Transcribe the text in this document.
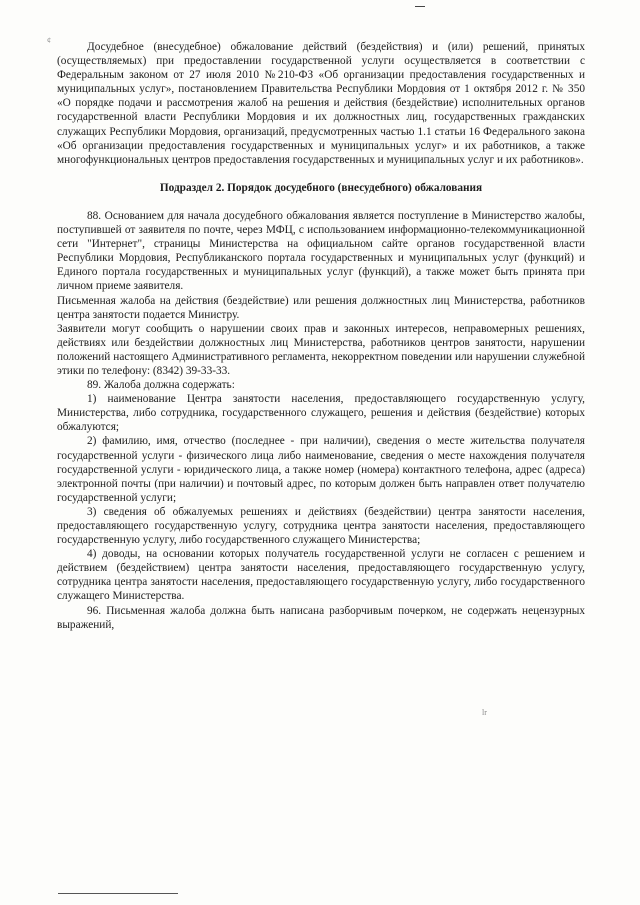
¢
lr

Досудебное (внесудебное) обжалование действий (бездействия) и (или) решений, принятых (осуществляемых) при предоставлении государственной услуги осуществляется в соответствии с Федеральным законом от 27 июля 2010 №210-ФЗ «Об организации предоставления государственных и муниципальных услуг», постановлением Правительства Республики Мордовия от 1 октября 2012 г. № 350 «О порядке подачи и рассмотрения жалоб на решения и действия (бездействие) исполнительных органов государственной власти Республики Мордовия и их должностных лиц, государственных гражданских служащих Республики Мордовия, организаций, предусмотренных частью 1.1 статьи 16 Федерального закона «Об организации предоставления государственных и муниципальных услуг» и их работников, а также многофункциональных центров предоставления государственных и муниципальных услуг и их работников».

Подраздел 2. Порядок досудебного (внесудебного) обжалования

88. Основанием для начала досудебного обжалования является поступление в Министерство жалобы, поступившей от заявителя по почте, через МФЦ, с использованием информационно-телекоммуникационной сети "Интернет", страницы Министерства на официальном сайте органов государственной власти Республики Мордовия, Республиканского портала государственных и муниципальных услуг (функций) и Единого портала государственных и муниципальных услуг (функций), а также может быть принята при личном приеме заявителя.

Письменная жалоба на действия (бездействие) или решения должностных лиц Министерства, работников центра занятости подается Министру.

Заявители могут сообщить о нарушении своих прав и законных интересов, неправомерных решениях, действиях или бездействии должностных лиц Министерства, работников центров занятости, нарушении положений настоящего Административного регламента, некорректном поведении или нарушении служебной этики по телефону: (8342) 39-33-33.

89. Жалоба должна содержать:

1) наименование Центра занятости населения, предоставляющего государственную услугу, Министерства, либо сотрудника, государственного служащего, решения и действия (бездействие) которых обжалуются;

2) фамилию, имя, отчество (последнее - при наличии), сведения о месте жительства получателя государственной услуги - физического лица либо наименование, сведения о месте нахождения получателя государственной услуги - юридического лица, а также номер (номера) контактного телефона, адрес (адреса) электронной почты (при наличии) и почтовый адрес, по которым должен быть направлен ответ получателю государственной услуги;

3) сведения об обжалуемых решениях и действиях (бездействии) центра занятости населения, предоставляющего государственную услугу, сотрудника центра занятости населения, предоставляющего государственную услугу, либо государственного служащего Министерства;

4) доводы, на основании которых получатель государственной услуги не согласен с решением и действием (бездействием) центра занятости населения, предоставляющего государственную услугу, сотрудника центра занятости населения, предоставляющего государственную услугу, либо государственного служащего Министерства.

96. Письменная жалоба должна быть написана разборчивым почерком, не содержать нецензурных выражений,
